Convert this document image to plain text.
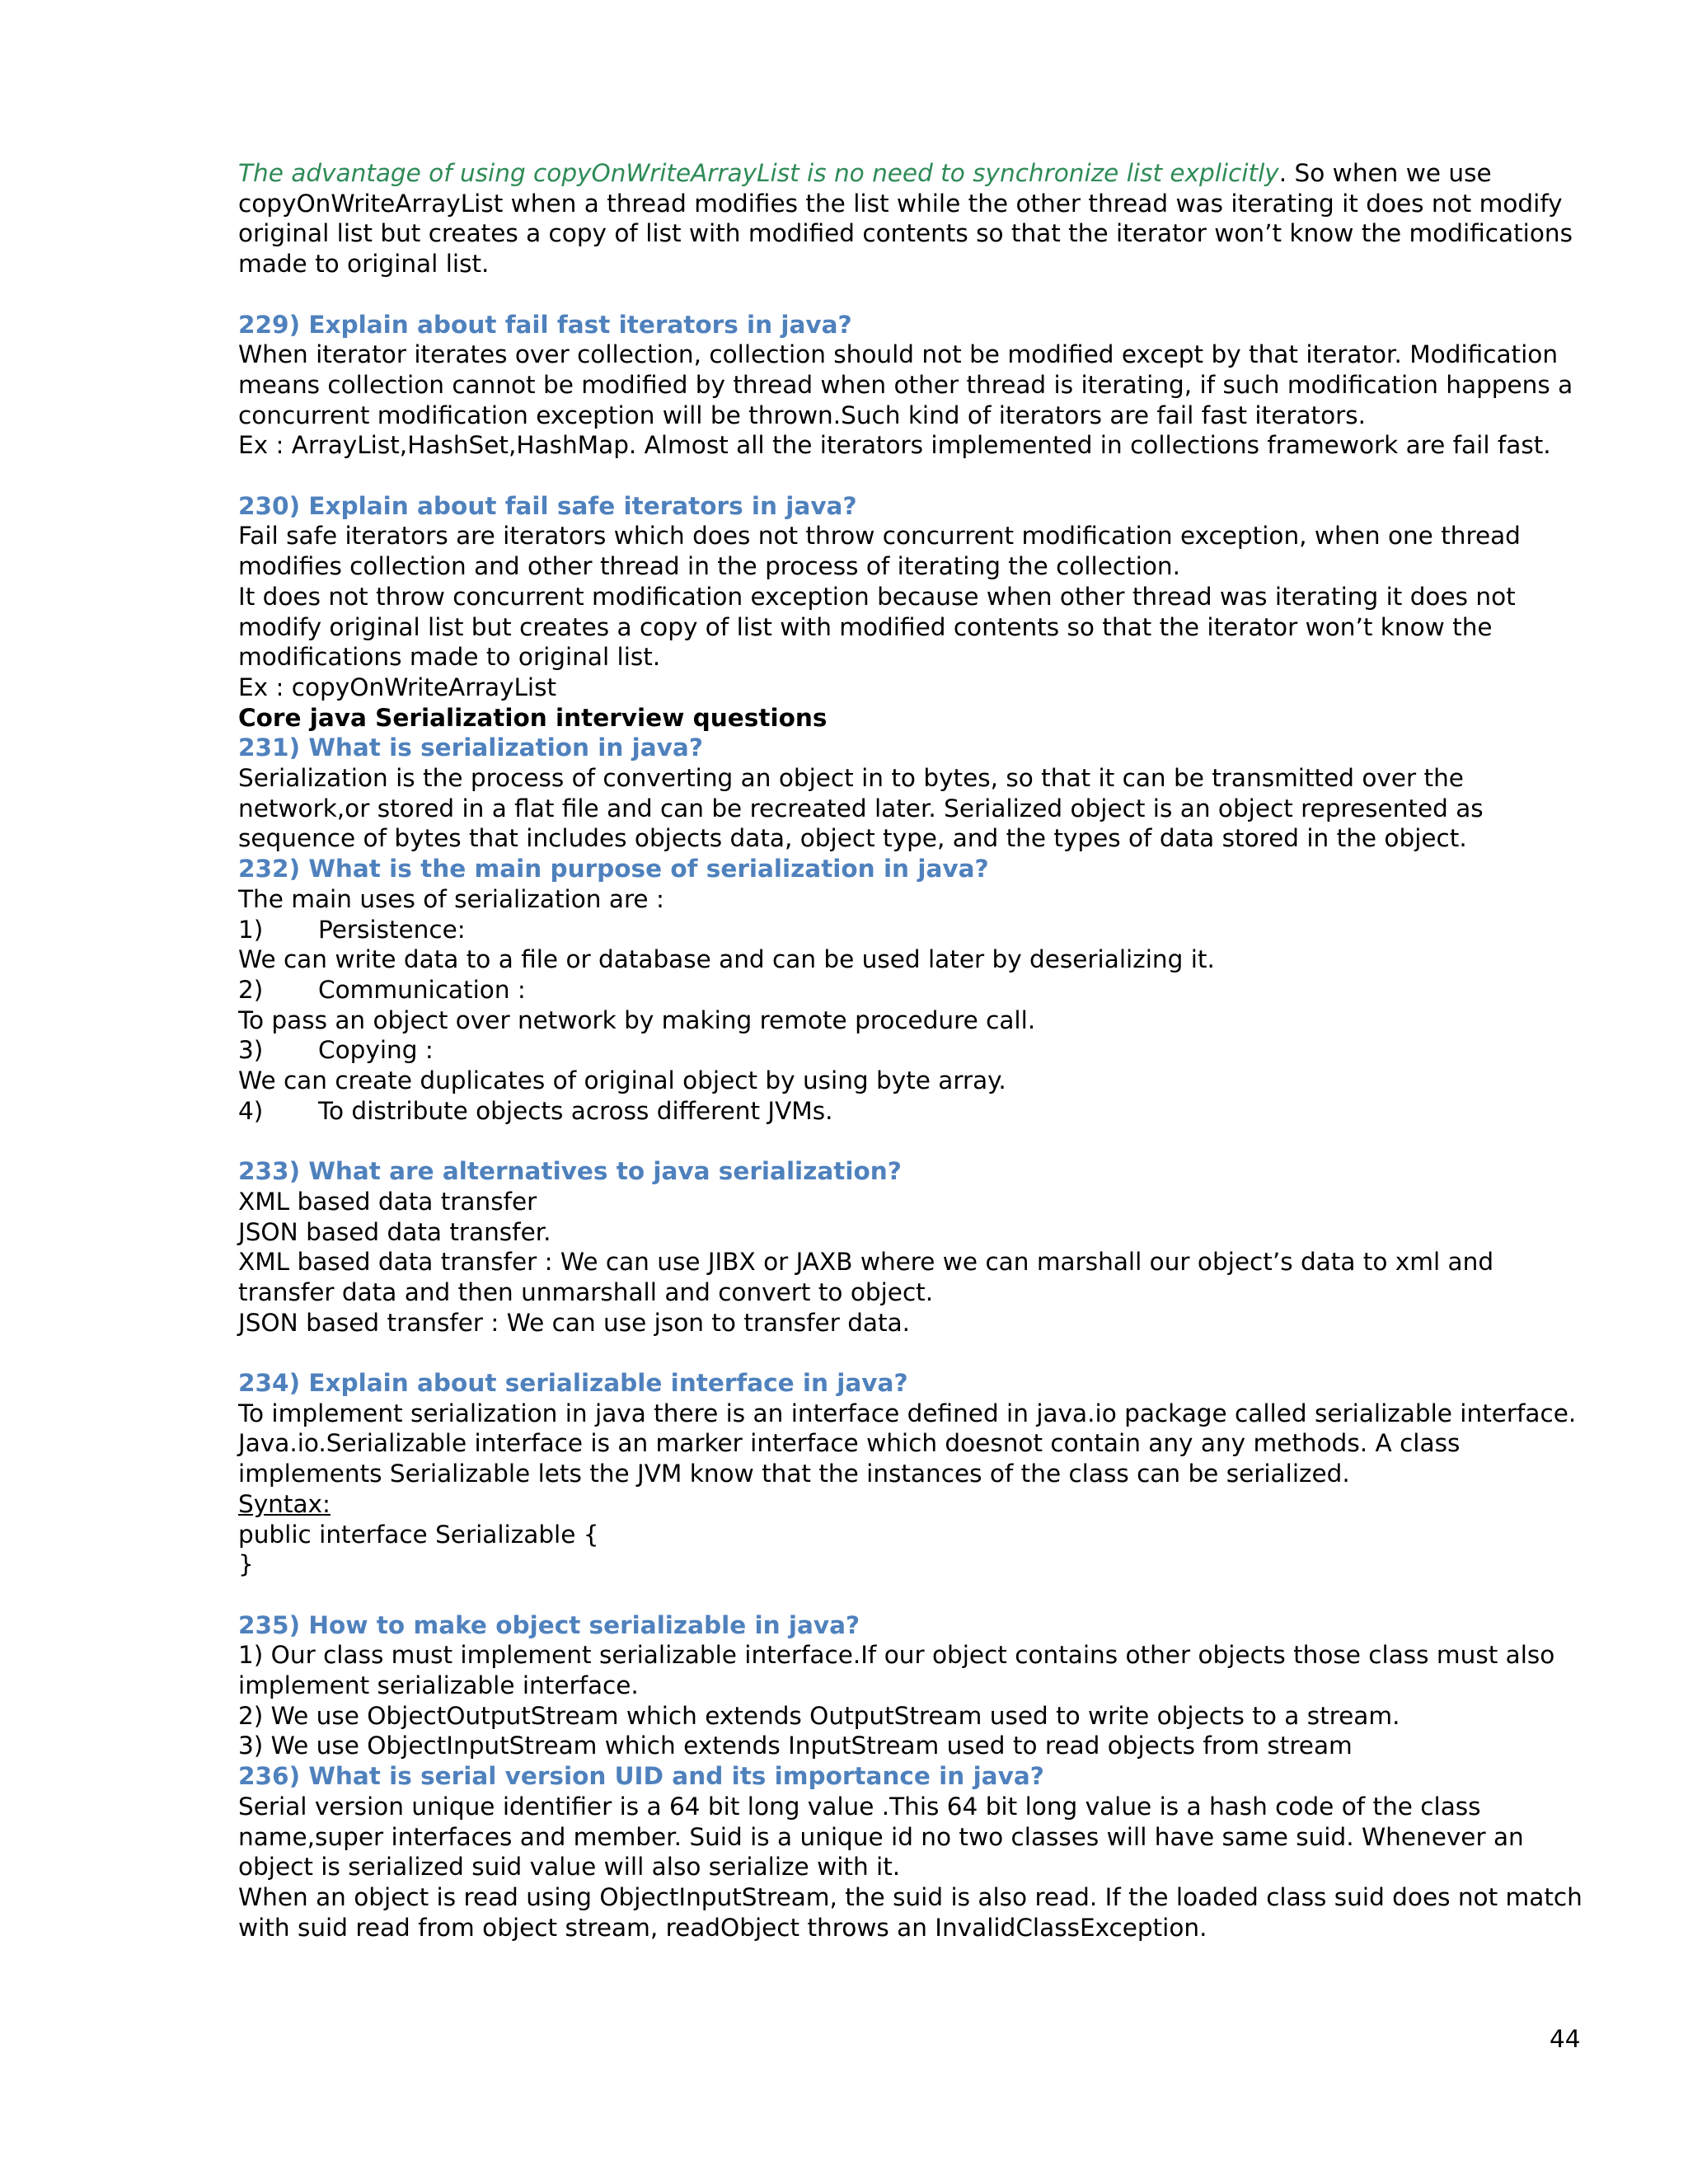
The advantage of using copyOnWriteArrayList is no need to synchronize list explicitly. So when we use copyOnWriteArrayList when a thread modifies the list while the other thread was iterating it does not modify original list but creates a copy of list with modified contents so that the iterator won’t know the modifications made to original list.

229) Explain about fail fast iterators in java?

When iterator iterates over collection, collection should not be modified except by that iterator. Modification means collection cannot be modified by thread when other thread is iterating, if such modification happens a concurrent modification exception will be thrown.Such kind of iterators are fail fast iterators.

Ex : ArrayList,HashSet,HashMap. Almost all the iterators implemented in collections framework are fail fast.

230) Explain about fail safe iterators in java?

Fail safe iterators are iterators which does not throw concurrent modification exception, when one thread modifies collection and other thread in the process of iterating the collection.

It does not throw concurrent modification exception because when other thread was iterating it does not modify original list but creates a copy of list with modified contents so that the iterator won’t know the modifications made to original list.

Ex : copyOnWriteArrayList

Core java Serialization interview questions

231) What is serialization in java?

Serialization is the process of converting an object in to bytes, so that it can be transmitted over the network,or stored in a flat file and can be recreated later. Serialized object is an object represented as sequence of bytes that includes objects data, object type, and the types of data stored in the object.

232) What is the main purpose of serialization in java?

The main uses of serialization are :

1) Persistence:

We can write data to a file or database and can be used later by deserializing it.

2) Communication :

To pass an object over network by making remote procedure call.

3) Copying :

We can create duplicates of original object by using byte array.

4) To distribute objects across different JVMs.

233) What are alternatives to java serialization?

XML based data transfer

JSON based data transfer.

XML based data transfer : We can use JIBX or JAXB where we can marshall our object’s data to xml and transfer data and then unmarshall and convert to object.

JSON based transfer : We can use json to transfer data.

234) Explain about serializable interface in java?

To implement serialization in java there is an interface defined in java.io package called serializable interface. Java.io.Serializable interface is an marker interface which doesnot contain any any methods. A class implements Serializable lets the JVM know that the instances of the class can be serialized.

Syntax:

public interface Serializable {

}

235) How to make object serializable in java?

1) Our class must implement serializable interface.If our object contains other objects those class must also implement serializable interface.

2) We use ObjectOutputStream which extends OutputStream used to write objects to a stream.

3) We use ObjectInputStream which extends InputStream used to read objects from stream

236) What is serial version UID and its importance in java?

Serial version unique identifier is a 64 bit long value .This 64 bit long value is a hash code of the class name,super interfaces and member. Suid is a unique id no two classes will have same suid. Whenever an object is serialized suid value will also serialize with it.

When an object is read using ObjectInputStream, the suid is also read. If the loaded class suid does not match with suid read from object stream, readObject throws an InvalidClassException.

44
